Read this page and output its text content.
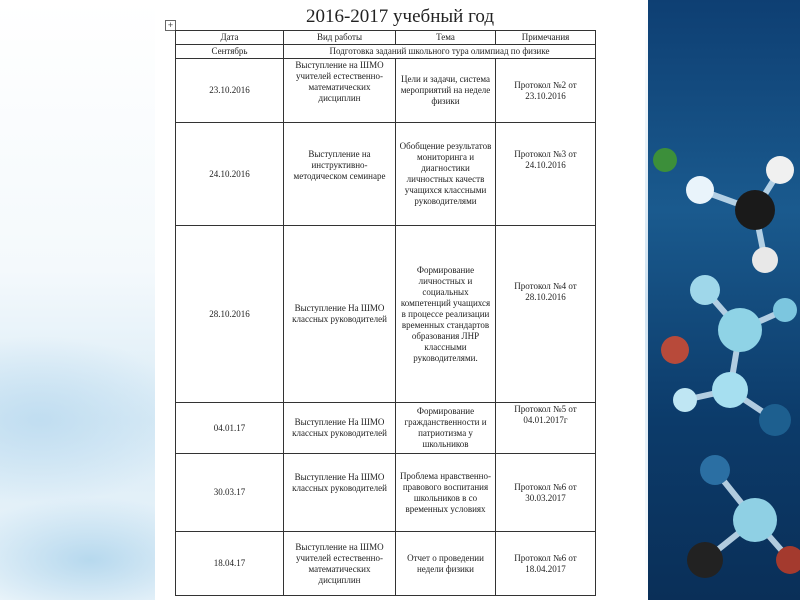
+	2016-2017 учебный год
Дата	Вид работы	Тема	Примечания
Сентябрь	Подготовка заданий школьного тура олимпиад по физике		
23.10.2016	Выступление на ШМО учителей естественно-математических дисциплин	Цели и задачи, система мероприятий на неделе физики	Протокол №2 от 23.10.2016
24.10.2016	Выступление на инструктивно-методическом семинаре	Обобщение результатов мониторинга и диагностики личностных качеств учащихся классными руководителями	Протокол №3 от 24.10.2016
28.10.2016	Выступление На ШМО классных руководителей	Формирование личностных и социальных компетенций учащихся в процессе реализации временных стандартов образования ЛНР классными руководителями.	Протокол №4 от 28.10.2016
04.01.17	Выступление На ШМО классных руководителей	Формирование гражданственности и патриотизма у школьников	Протокол №5 от 04.01.2017г
30.03.17	Выступление На ШМО классных руководителей	Проблема нравственно-правового воспитания школьников в со временных условиях	Протокол №6 от 30.03.2017
18.04.17	Выступление на ШМО учителей естественно-математических дисциплин	Отчет о проведении недели физики	Протокол №6 от 18.04.2017
